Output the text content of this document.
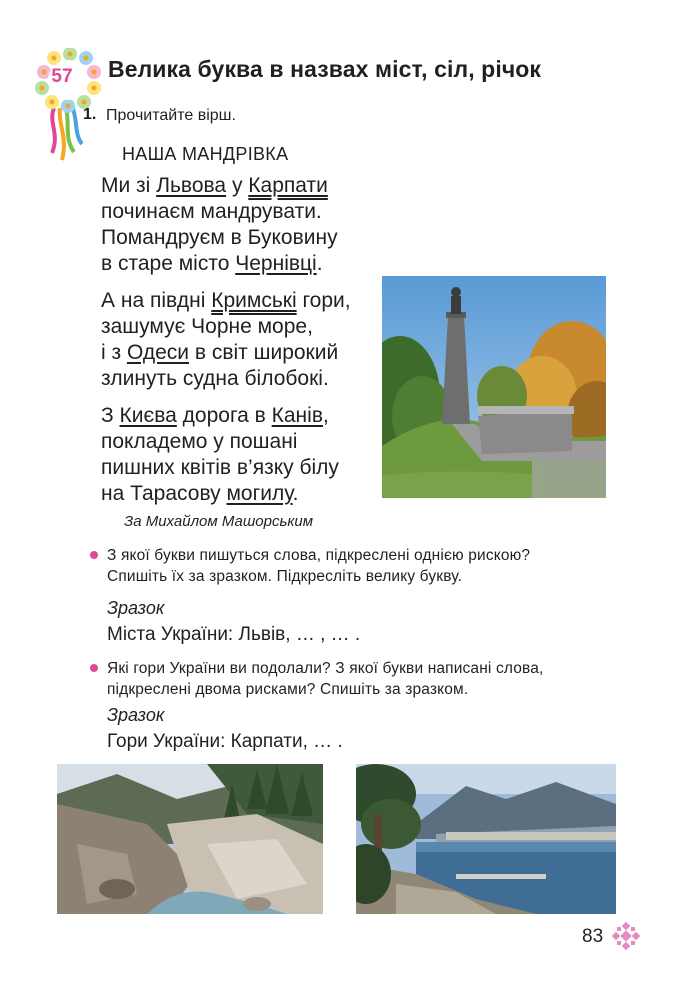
57	Велика буква в назвах міст, сіл, річок
1. Прочитайте вірш.
НАША МАНДРІВКА
Ми зі Львова у Карпати
починаєм мандрувати.
Помандруєм в Буковину
в старе місто Чернівці.
А на півдні Кримські гори,
зашумує Чорне море,
і з Одеси в світ широкий
злинуть судна білобокі.
З Києва дорога в Канів,
покладемо у пошані
пишних квітів в’язку білу
на Тарасову могилу.
За Михайлом Машорським
З якої букви пишуться слова, підкреслені однією рискою?
Спишіть їх за зразком. Підкресліть велику букву.
Зразок
Міста України: Львів, … , … .
Які гори України ви подолали? З якої букви написані слова,
підкреслені двома рисками? Спишіть за зразком.
Зразок
Гори України: Карпати, … .
83
